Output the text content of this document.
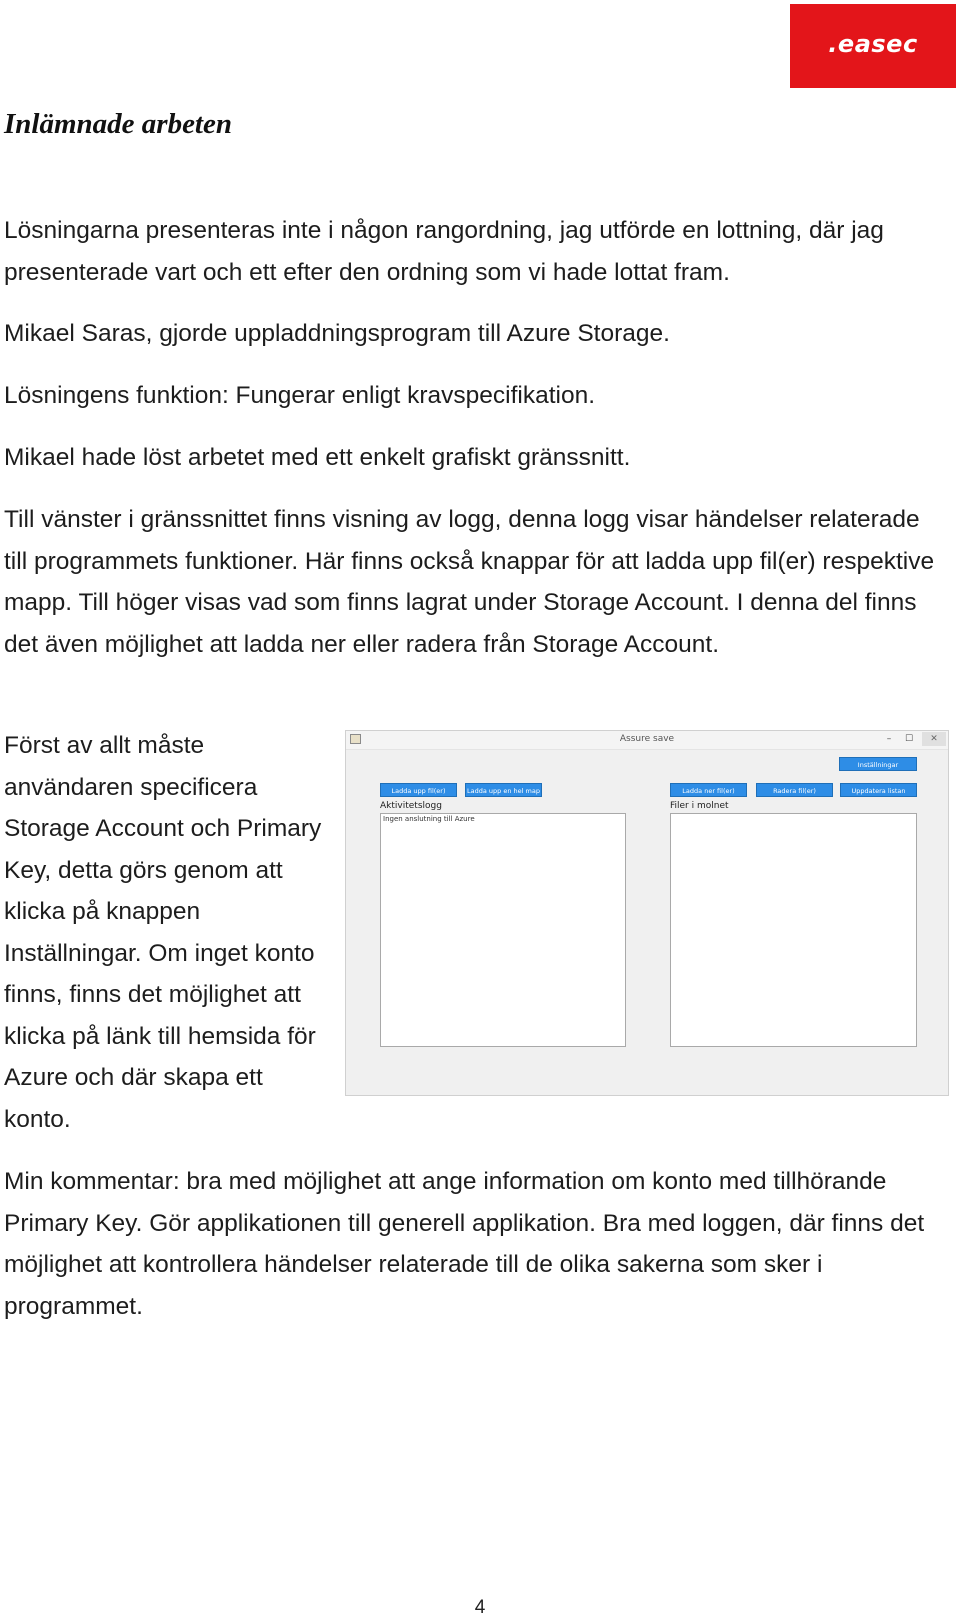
.easec
Inlämnade arbeten

Lösningarna presenteras inte i någon rangordning, jag utförde en lottning, där jag presenterade vart och ett efter den ordning som vi hade lottat fram.

Mikael Saras, gjorde uppladdningsprogram till Azure Storage.

Lösningens funktion: Fungerar enligt kravspecifikation.

Mikael hade löst arbetet med ett enkelt grafiskt gränssnitt.

Till vänster i gränssnittet finns visning av logg, denna logg visar händelser relaterade till programmets funktioner. Här finns också knappar för att ladda upp fil(er) respektive mapp. Till höger visas vad som finns lagrat under Storage Account. I denna del finns det även möjlighet att ladda ner eller radera från Storage Account.

Först av allt måste användaren specificera Storage Account och Primary Key, detta görs genom att klicka på knappen Inställningar. Om inget konto finns, finns det möjlighet att klicka på länk till hemsida för Azure och där skapa ett konto.

Assure save	–	☐	✕
Inställningar
Ladda upp fil(er)	Ladda upp en hel map	Ladda ner fil(er)	Radera fil(er)	Uppdatera listan
Aktivitetslogg
Ingen anslutning till Azure
Filer i molnet

Min kommentar: bra med möjlighet att ange information om konto med tillhörande Primary Key. Gör applikationen till generell applikation. Bra med loggen, där finns det möjlighet att kontrollera händelser relaterade till de olika sakerna som sker i programmet.

4
